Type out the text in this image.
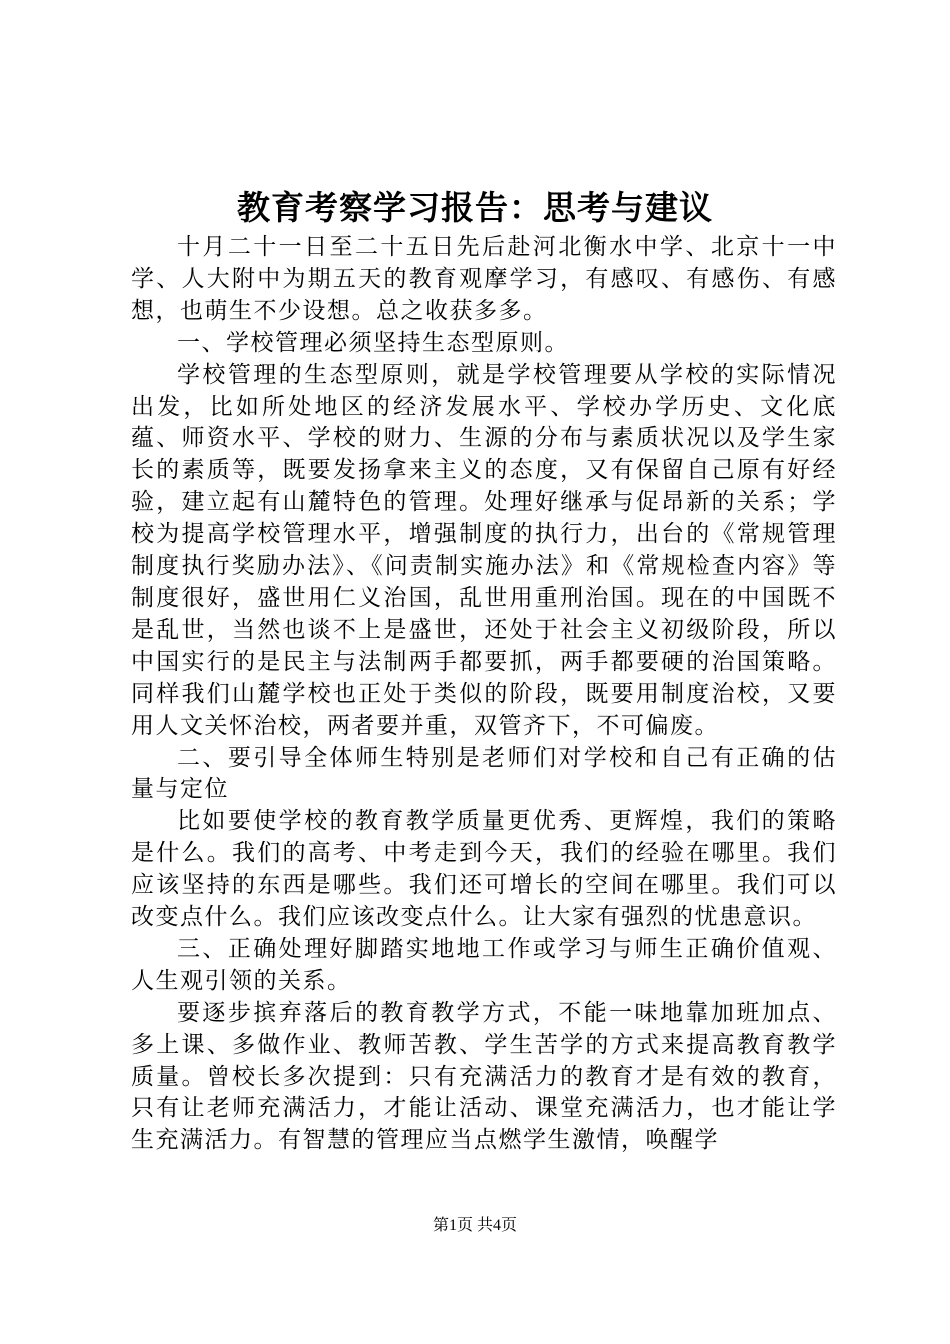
教育考察学习报告：思考与建议

十月二十一日至二十五日先后赴河北衡水中学、北京十一中学、人大附中为期五天的教育观摩学习，有感叹、有感伤、有感想，也萌生不少设想。总之收获多多。

一、学校管理必须坚持生态型原则。

学校管理的生态型原则，就是学校管理要从学校的实际情况出发，比如所处地区的经济发展水平、学校办学历史、文化底蕴、师资水平、学校的财力、生源的分布与素质状况以及学生家长的素质等，既要发扬拿来主义的态度，又有保留自己原有好经验，建立起有山麓特色的管理。处理好继承与促昂新的关系；学校为提高学校管理水平，增强制度的执行力，出台的《常规管理制度执行奖励办法》、《问责制实施办法》和《常规检查内容》等制度很好，盛世用仁义治国，乱世用重刑治国。现在的中国既不是乱世，当然也谈不上是盛世，还处于社会主义初级阶段，所以中国实行的是民主与法制两手都要抓，两手都要硬的治国策略。同样我们山麓学校也正处于类似的阶段，既要用制度治校，又要用人文关怀治校，两者要并重，双管齐下，不可偏废。

二、要引导全体师生特别是老师们对学校和自己有正确的估量与定位

比如要使学校的教育教学质量更优秀、更辉煌，我们的策略是什么。我们的高考、中考走到今天，我们的经验在哪里。我们应该坚持的东西是哪些。我们还可增长的空间在哪里。我们可以改变点什么。我们应该改变点什么。让大家有强烈的忧患意识。

三、正确处理好脚踏实地地工作或学习与师生正确价值观、人生观引领的关系。

要逐步摈弃落后的教育教学方式，不能一味地靠加班加点、多上课、多做作业、教师苦教、学生苦学的方式来提高教育教学质量。曾校长多次提到：只有充满活力的教育才是有效的教育，只有让老师充满活力，才能让活动、课堂充满活力，也才能让学生充满活力。有智慧的管理应当点燃学生激情，唤醒学

第1页 共4页
